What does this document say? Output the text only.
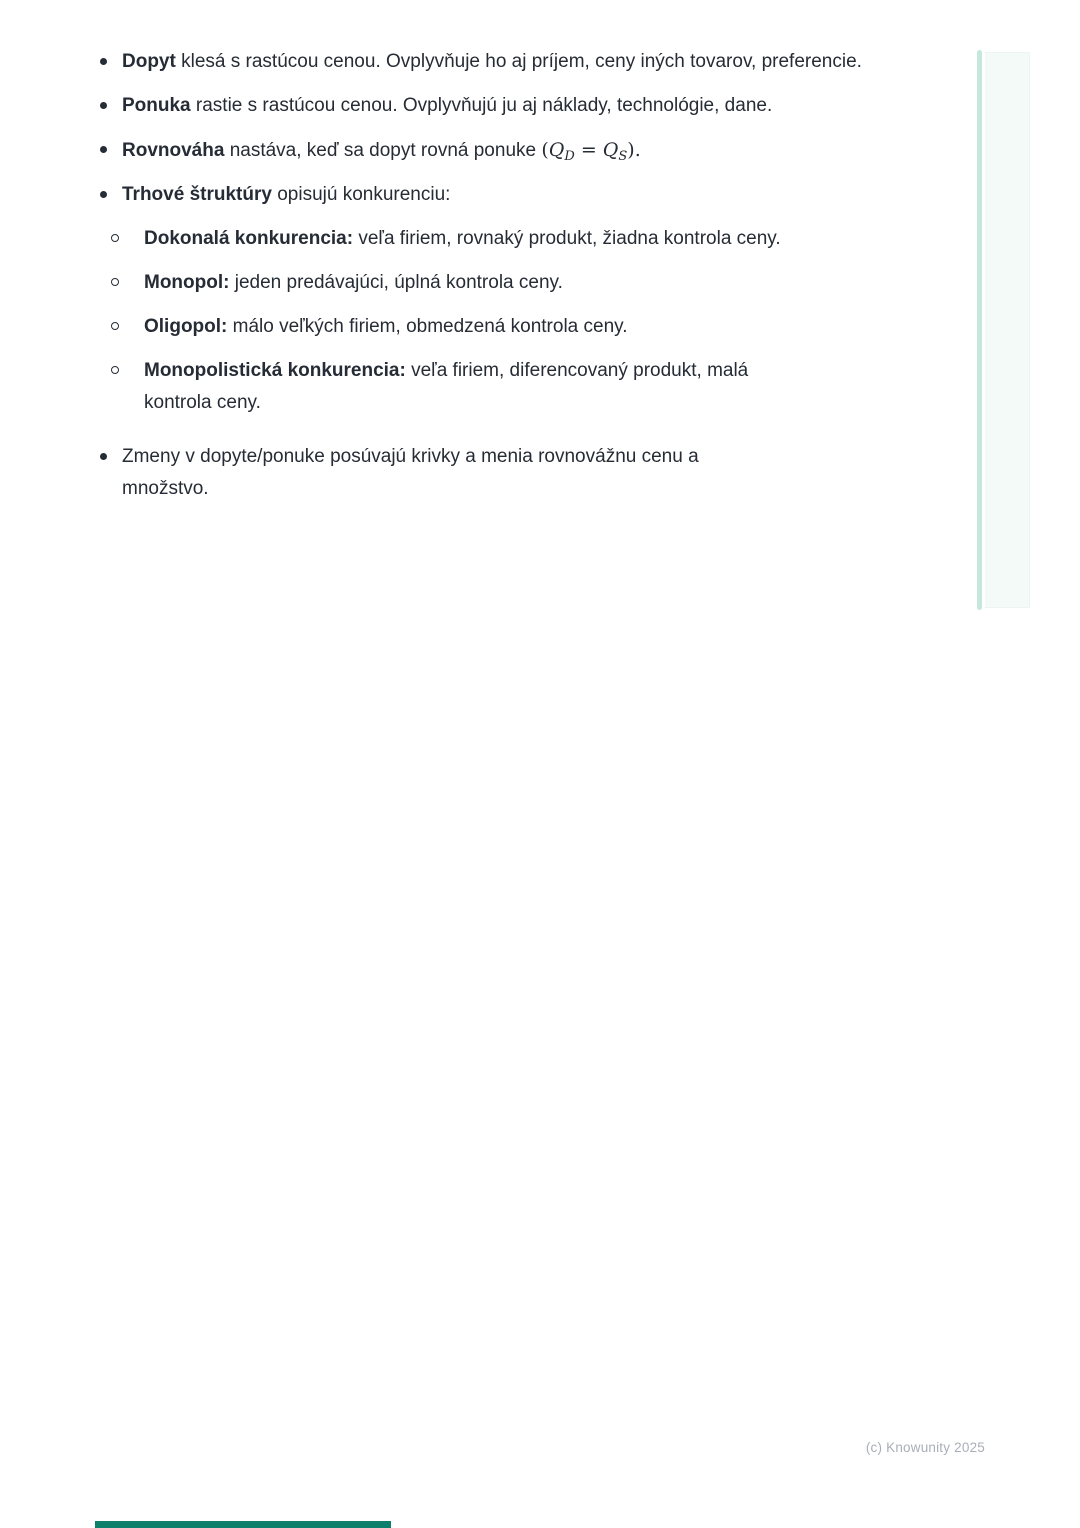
Dopyt klesá s rastúcou cenou. Ovplyvňuje ho aj príjem, ceny iných tovarov, preferencie.
Ponuka rastie s rastúcou cenou. Ovplyvňujú ju aj náklady, technológie, dane.
Rovnováha nastáva, keď sa dopyt rovná ponuke $(Q_D = Q_S)$.
Trhové štruktúry opisujú konkurenciu:
Dokonalá konkurencia: veľa firiem, rovnaký produkt, žiadna kontrola ceny.
Monopol: jeden predávajúci, úplná kontrola ceny.
Oligopol: málo veľkých firiem, obmedzená kontrola ceny.
Monopolistická konkurencia: veľa firiem, diferencovaný produkt, malá kontrola ceny.
Zmeny v dopyte/ponuke posúvajú krivky a menia rovnovážnu cenu a množstvo.
(c) Knowunity 2025
